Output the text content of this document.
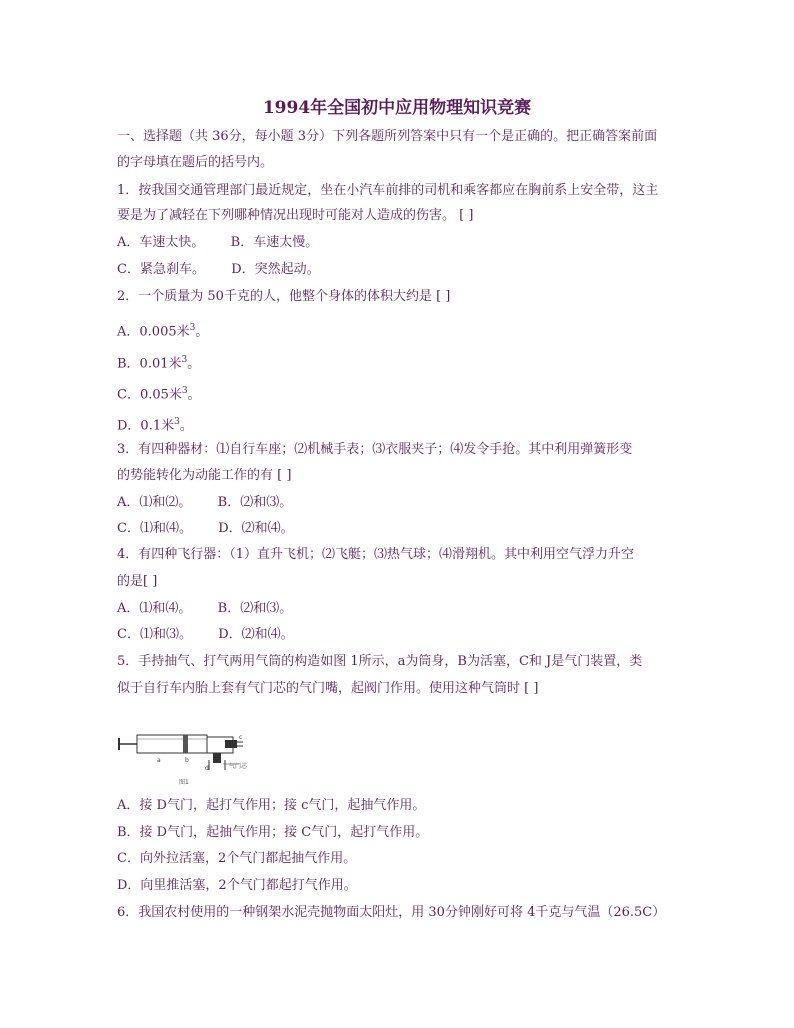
1994年全国初中应用物理知识竞赛
一、选择题（共 36分，每小题 3分）下列各题所列答案中只有一个是正确的。把正确答案前面
的字母填在题后的括号内。
1．按我国交通管理部门最近规定，坐在小汽车前排的司机和乘客都应在胸前系上安全带，这主
要是为了减轻在下列哪种情况出现时可能对人造成的伤害。 [ ]
A．车速太快。 B．车速太慢。
C．紧急刹车。 D．突然起动。
2．一个质量为 50千克的人，他整个身体的体积大约是 [ ]
A．0.005米$^3$。
B．0.01米$^3$。
C．0.05米$^3$。
D．0.1米$^3$。
3．有四种器材：⑴自行车座；⑵机械手表；⑶衣服夹子；⑷发令手抢。其中利用弹簧形变
的势能转化为动能工作的有 [ ]
A．⑴和⑵。 B．⑵和⑶。
C．⑴和⑷。 D．⑵和⑷。
4．有四种飞行器：（1）直升飞机；⑵飞艇；⑶热气球；⑷滑翔机。其中利用空气浮力升空
的是[ ]
A．⑴和⑷。 B．⑵和⑶。
C．⑴和⑶。 D．⑵和⑷。
5．手持抽气、打气两用气筒的构造如图 1所示，a为筒身，B为活塞，C和 J是气门装置，类
似于自行车内胎上套有气门芯的气门嘴，起阀门作用。使用这种气筒时 [ ]
a	b
c
d	气门芯
图1
A．接 D气门，起打气作用；接 c气门，起抽气作用。
B．接 D气门，起抽气作用；接 C气门，起打气作用。
C．向外拉活塞，2个气门都起抽气作用。
D．向里推活塞，2个气门都起打气作用。
6．我国农村使用的一种钢架水泥壳抛物面太阳灶，用 30分钟刚好可将 4千克与气温（26.5C）
